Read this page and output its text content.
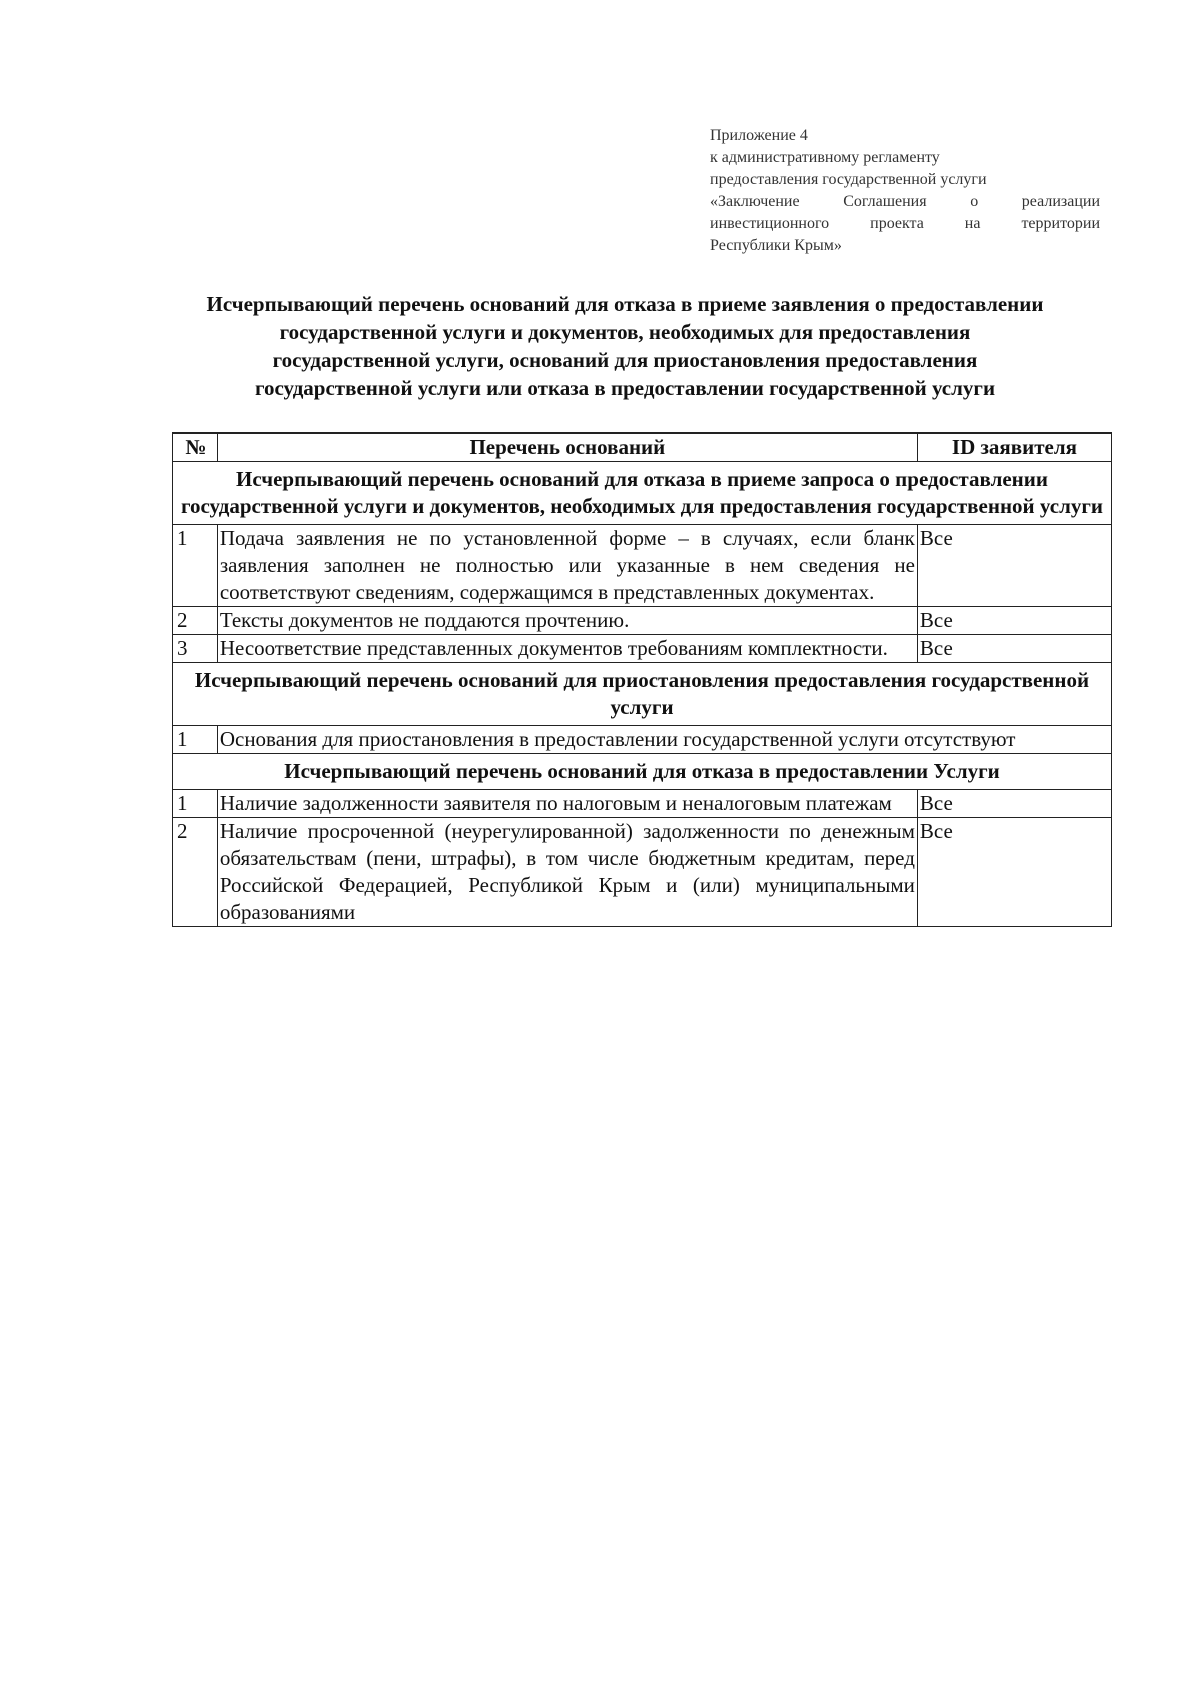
Приложение 4
к административному регламенту
предоставления государственной услуги
«Заключение Соглашения о реализации
инвестиционного проекта на территории
Республики Крым»
Исчерпывающий перечень оснований для отказа в приеме заявления о предоставлении государственной услуги и документов, необходимых для предоставления государственной услуги, оснований для приостановления предоставления государственной услуги или отказа в предоставлении государственной услуги
№	Перечень оснований	ID заявителя
Исчерпывающий перечень оснований для отказа в приеме запроса о предоставлении государственной услуги и документов, необходимых для предоставления государственной услуги		
1	Подача заявления не по установленной форме – в случаях, если бланк заявления заполнен не полностью или указанные в нем сведения не соответствуют сведениям, содержащимся в представленных документах.	Все
2	Тексты документов не поддаются прочтению.	Все
3	Несоответствие представленных документов требованиям комплектности.	Все
Исчерпывающий перечень оснований для приостановления предоставления государственной услуги		
1	Основания для приостановления в предоставлении государственной услуги отсутствуют	
Исчерпывающий перечень оснований для отказа в предоставлении Услуги		
1	Наличие задолженности заявителя по налоговым и неналоговым платежам	Все
2	Наличие просроченной (неурегулированной) задолженности по денежным обязательствам (пени, штрафы), в том числе бюджетным кредитам, перед Российской Федерацией, Республикой Крым и (или) муниципальными образованиями	Все
